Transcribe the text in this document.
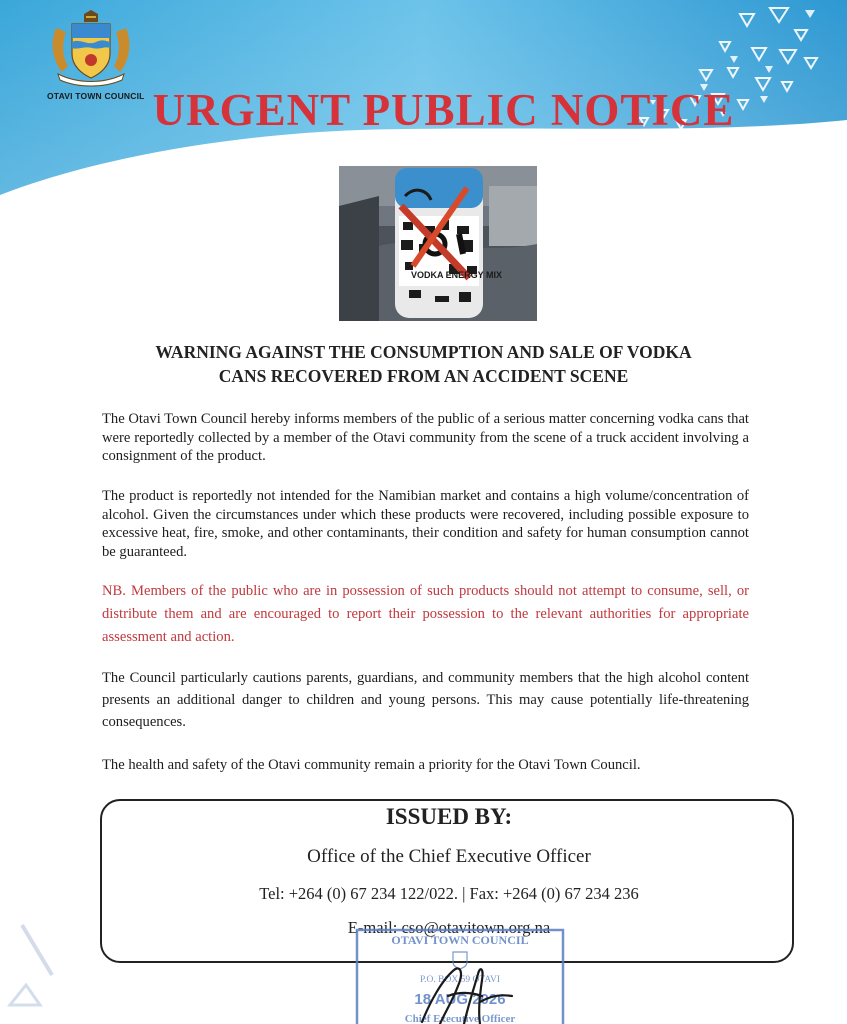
OTAVI TOWN COUNCIL URGENT PUBLIC NOTICE
VODKA ENERGY MIX
WARNING AGAINST THE CONSUMPTION AND SALE OF VODKA
CANS RECOVERED FROM AN ACCIDENT SCENE

The Otavi Town Council hereby informs members of the public of a serious matter concerning vodka cans that were reportedly collected by a member of the Otavi community from the scene of a truck accident involving a consignment of the product.

The product is reportedly not intended for the Namibian market and contains a high volume/concentration of alcohol. Given the circumstances under which these products were recovered, including possible exposure to excessive heat, fire, smoke, and other contaminants, their condition and safety for human consumption cannot be guaranteed.

NB. Members of the public who are in possession of such products should not attempt to consume, sell, or distribute them and are encouraged to report their possession to the relevant authorities for appropriate assessment and action.

The Council particularly cautions parents, guardians, and community members that the high alcohol content presents an additional danger to children and young persons. This may cause potentially life-threatening consequences.

The health and safety of the Otavi community remain a priority for the Otavi Town Council.

ISSUED BY:
Office of the Chief Executive Officer
Tel: +264 (0) 67 234 122/022. | Fax: +264 (0) 67 234 236
E-mail: cso@otavitown.org.na
OTAVI TOWN COUNCIL
P.O. BOX 59 OTAVI
18 AUG 2026
Chief Executive Officer
